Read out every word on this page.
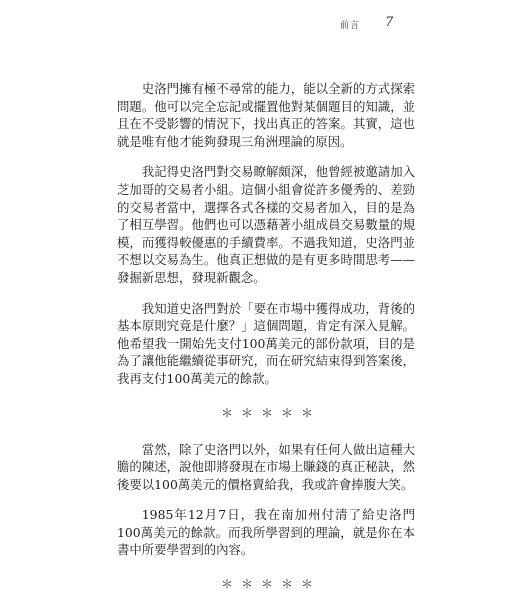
前言 7

史洛門擁有極不尋常的能力，能以全新的方式探索問題。他可以完全忘記或擺置他對某個題目的知識，並且在不受影響的情況下，找出真正的答案。其實，這也就是唯有他才能夠發現三角洲理論的原因。

我記得史洛門對交易瞭解頗深，他曾經被邀請加入芝加哥的交易者小組。這個小組會從許多優秀的、差勁的交易者當中，選擇各式各樣的交易者加入，目的是為了相互學習。他們也可以憑藉著小組成員交易數量的規模，而獲得較優惠的手續費率。不過我知道，史洛門並不想以交易為生。他真正想做的是有更多時間思考——發掘新思想，發現新觀念。

我知道史洛門對於「要在市場中獲得成功，背後的基本原則究竟是什麼？」這個問題，肯定有深入見解。他希望我一開始先支付100萬美元的部份款項，目的是為了讓他能繼續從事研究，而在研究結束得到答案後，我再支付100萬美元的餘款。

＊＊＊＊＊

當然，除了史洛門以外，如果有任何人做出這種大膽的陳述，說他即將發現在市場上賺錢的真正秘訣，然後要以100萬美元的價格賣給我，我或許會捧腹大笑。

1985年12月7日，我在南加州付清了給史洛門100萬美元的餘款。而我所學習到的理論，就是你在本書中所要學習到的內容。

＊＊＊＊＊
